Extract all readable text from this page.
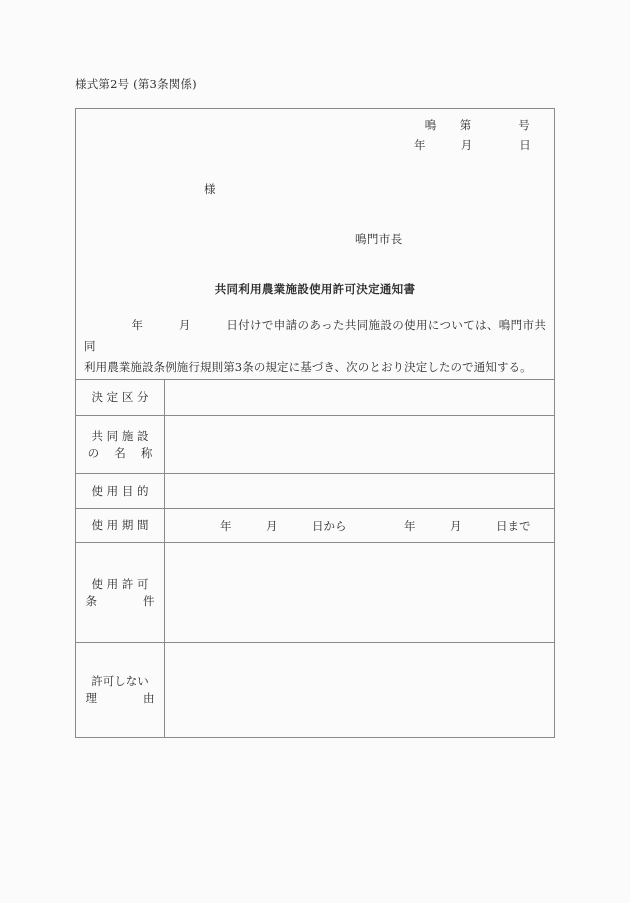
様式第2号 (第3条関係)
鳴　　第　　　　号
年　　　月　　　　日
様
鳴門市長
共同利用農業施設使用許可決定通知書
　　　　年　　　月　　　日付けで申請のあった共同施設の使用については、鳴門市共同
利用農業施設条例施行規則第3条の規定に基づき、次のとおり決定したので通知する。
決 定 区 分
共 同 施 設
の　 名　 称
使 用 目 的
使 用 期 間	年　　　月　　　日から　　　　　年　　　月　　　日まで
使 用 許 可
条　　　　件
許可しない
理　　　　由
